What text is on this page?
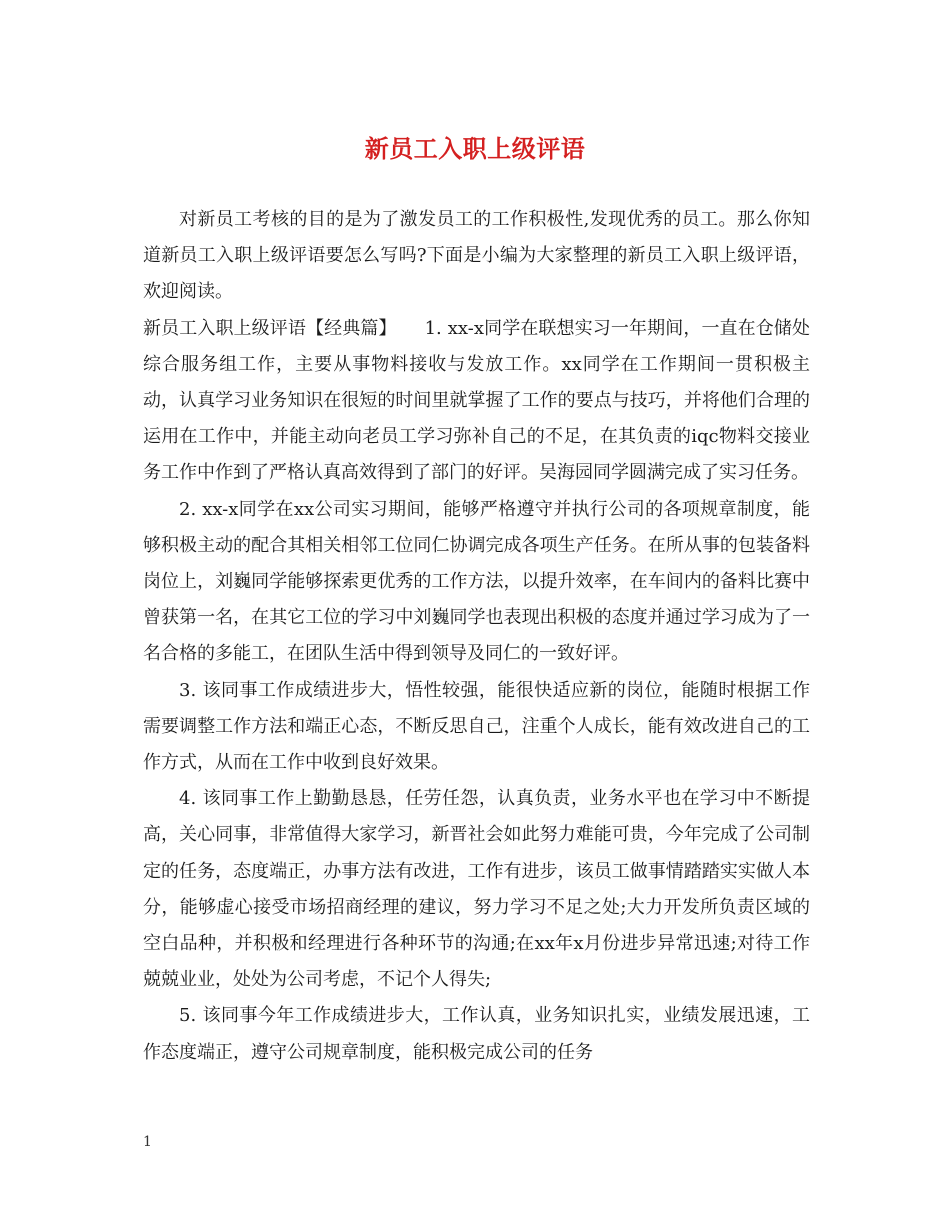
新员工入职上级评语

对新员工考核的目的是为了激发员工的工作积极性,发现优秀的员工。那么你知道新员工入职上级评语要怎么写吗?下面是小编为大家整理的新员工入职上级评语，欢迎阅读。

新员工入职上级评语【经典篇】 1. xx-x同学在联想实习一年期间，一直在仓储处综合服务组工作，主要从事物料接收与发放工作。xx同学在工作期间一贯积极主动，认真学习业务知识在很短的时间里就掌握了工作的要点与技巧，并将他们合理的运用在工作中，并能主动向老员工学习弥补自己的不足，在其负责的iqc物料交接业务工作中作到了严格认真高效得到了部门的好评。吴海园同学圆满完成了实习任务。

2. xx-x同学在xx公司实习期间，能够严格遵守并执行公司的各项规章制度，能够积极主动的配合其相关相邻工位同仁协调完成各项生产任务。在所从事的包装备料岗位上，刘巍同学能够探索更优秀的工作方法，以提升效率，在车间内的备料比赛中曾获第一名，在其它工位的学习中刘巍同学也表现出积极的态度并通过学习成为了一名合格的多能工，在团队生活中得到领导及同仁的一致好评。

3. 该同事工作成绩进步大，悟性较强，能很快适应新的岗位，能随时根据工作需要调整工作方法和端正心态，不断反思自己，注重个人成长，能有效改进自己的工作方式，从而在工作中收到良好效果。

4. 该同事工作上勤勤恳恳，任劳任怨，认真负责，业务水平也在学习中不断提高，关心同事，非常值得大家学习，新晋社会如此努力难能可贵，今年完成了公司制定的任务，态度端正，办事方法有改进，工作有进步，该员工做事情踏踏实实做人本分，能够虚心接受市场招商经理的建议，努力学习不足之处;大力开发所负责区域的空白品种，并积极和经理进行各种环节的沟通;在xx年x月份进步异常迅速;对待工作兢兢业业，处处为公司考虑，不记个人得失;

5. 该同事今年工作成绩进步大，工作认真，业务知识扎实，业绩发展迅速，工作态度端正，遵守公司规章制度，能积极完成公司的任务

1
